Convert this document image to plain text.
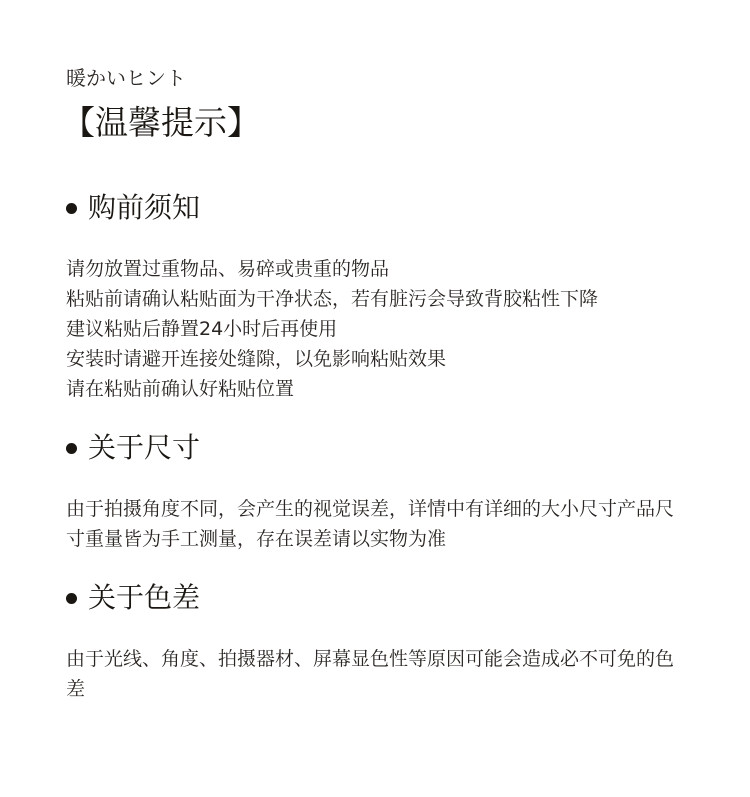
暖かいヒント
【温馨提示】
购前须知
请勿放置过重物品、易碎或贵重的物品
粘贴前请确认粘贴面为干净状态，若有脏污会导致背胶粘性下降
建议粘贴后静置24小时后再使用
安装时请避开连接处缝隙，以免影响粘贴效果
请在粘贴前确认好粘贴位置
关于尺寸
由于拍摄角度不同，会产生的视觉误差，详情中有详细的大小尺寸产品尺寸重量皆为手工测量，存在误差请以实物为准
关于色差
由于光线、角度、拍摄器材、屏幕显色性等原因可能会造成必不可免的色差
